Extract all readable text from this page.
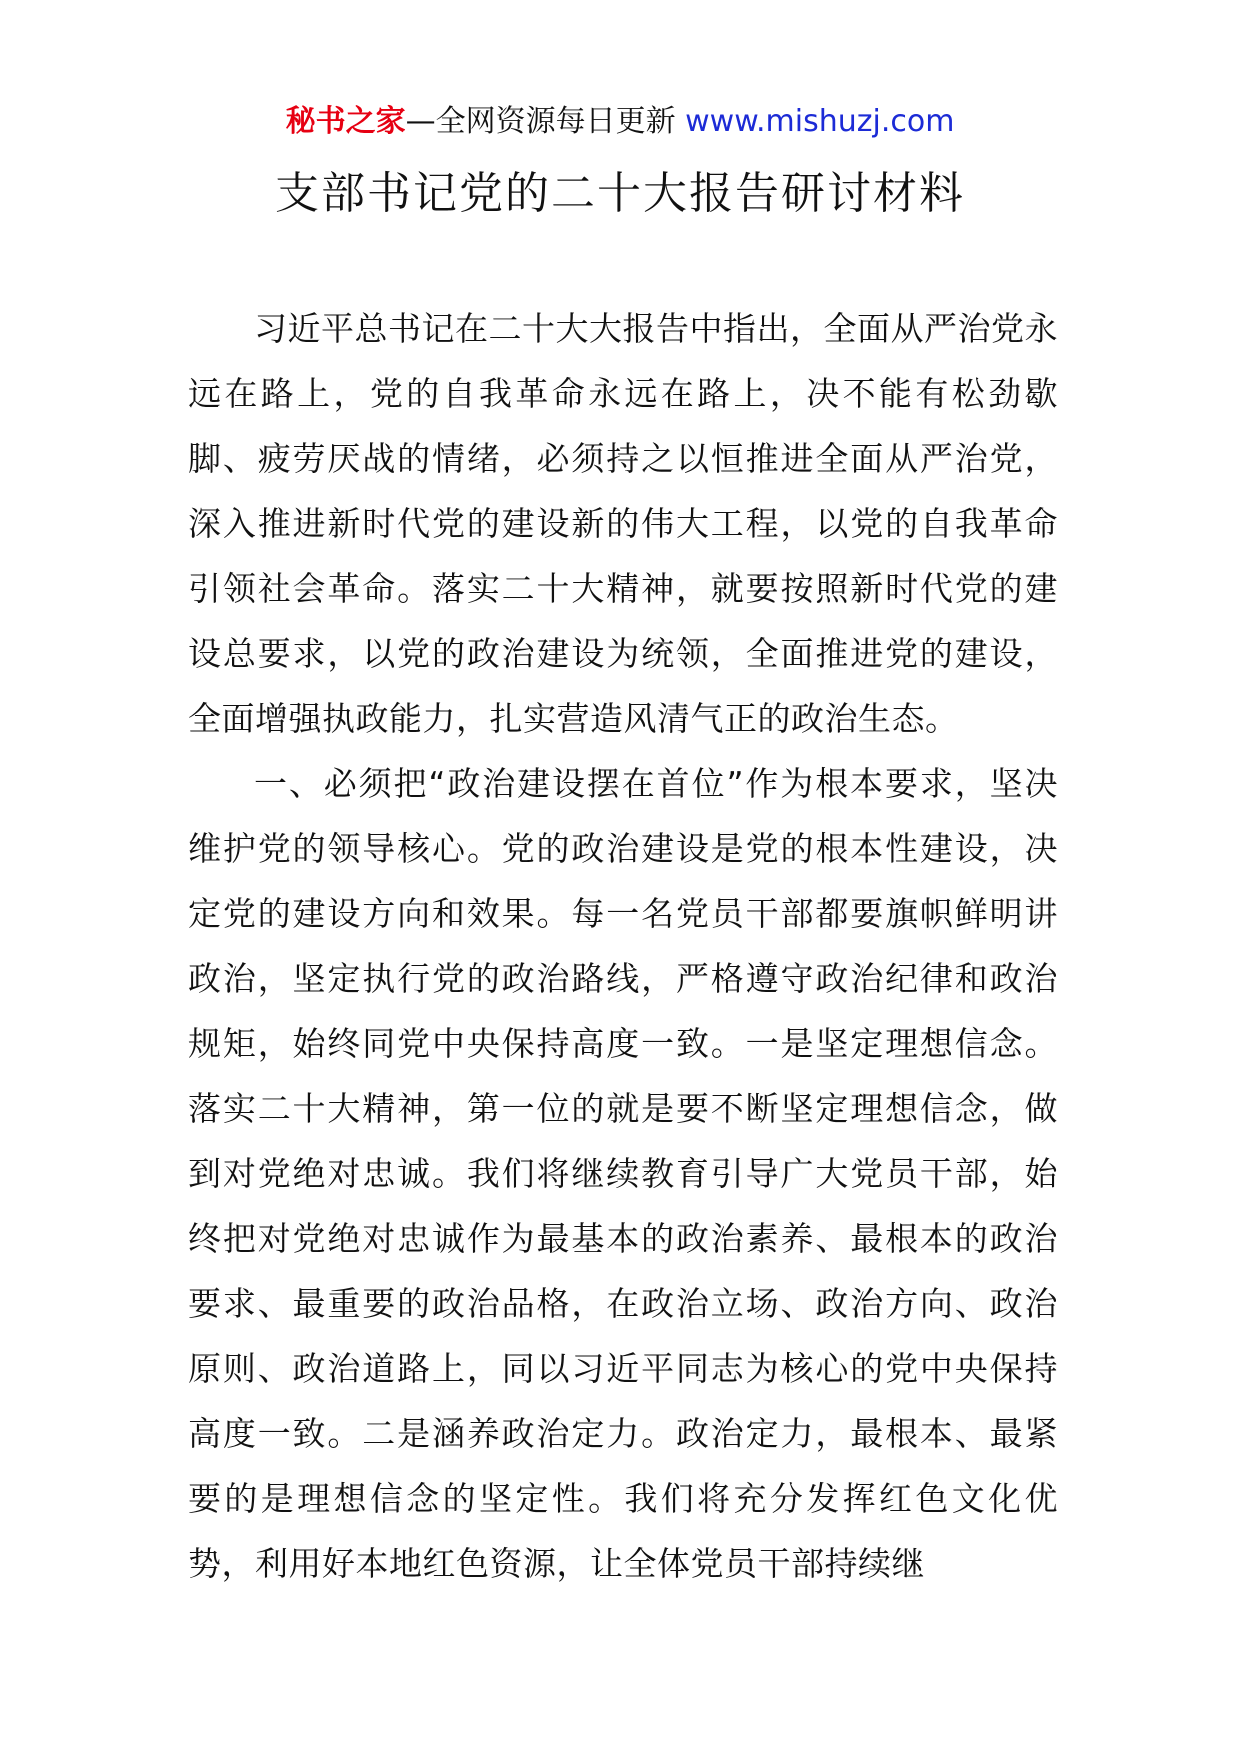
秘书之家—全网资源每日更新 www.mishuzj.com
支部书记党的二十大报告研讨材料

习近平总书记在二十大大报告中指出，全面从严治党永远在路上，党的自我革命永远在路上，决不能有松劲歇脚、疲劳厌战的情绪，必须持之以恒推进全面从严治党，深入推进新时代党的建设新的伟大工程，以党的自我革命引领社会革命。落实二十大精神，就要按照新时代党的建设总要求，以党的政治建设为统领，全面推进党的建设，全面增强执政能力，扎实营造风清气正的政治生态。

一、必须把“政治建设摆在首位”作为根本要求，坚决维护党的领导核心。党的政治建设是党的根本性建设，决定党的建设方向和效果。每一名党员干部都要旗帜鲜明讲政治，坚定执行党的政治路线，严格遵守政治纪律和政治规矩，始终同党中央保持高度一致。一是坚定理想信念。落实二十大精神，第一位的就是要不断坚定理想信念，做到对党绝对忠诚。我们将继续教育引导广大党员干部，始终把对党绝对忠诚作为最基本的政治素养、最根本的政治要求、最重要的政治品格，在政治立场、政治方向、政治原则、政治道路上，同以习近平同志为核心的党中央保持高度一致。二是涵养政治定力。政治定力，最根本、最紧要的是理想信念的坚定性。我们将充分发挥红色文化优势，利用好本地红色资源，让全体党员干部持续继
